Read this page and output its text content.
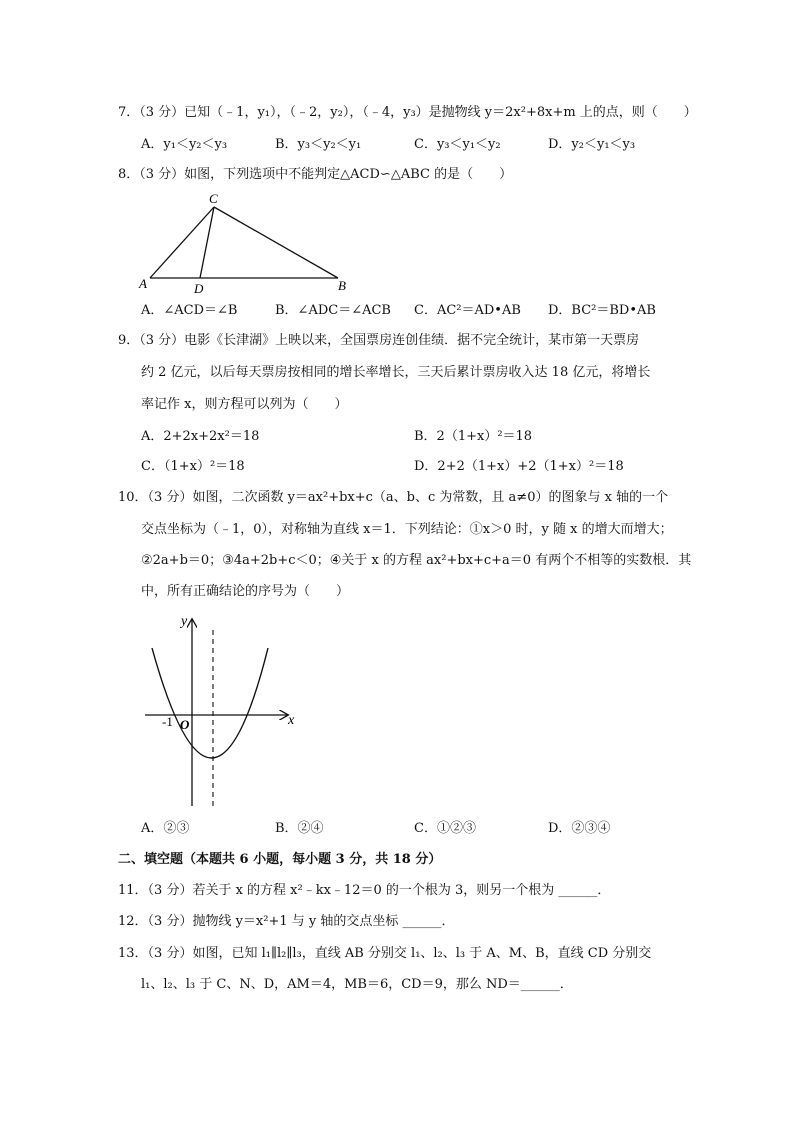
7．（3 分）已知（﹣1，y₁），（﹣2，y₂），（﹣4，y₃）是抛物线 y＝2x²+8x+m 上的点，则（　　）
A．y₁＜y₂＜y₃	B．y₃＜y₂＜y₁	C．y₃＜y₁＜y₂	D．y₂＜y₁＜y₃
8．（3 分）如图，下列选项中不能判定△ACD∽△ABC 的是（　　）
C
A	D	B
A．∠ACD＝∠B	B．∠ADC＝∠ACB C．AC²＝AD•AB D．BC²＝BD•AB
9．（3 分）电影《长津湖》上映以来，全国票房连创佳绩．据不完全统计，某市第一天票房
约 2 亿元，以后每天票房按相同的增长率增长，三天后累计票房收入达 18 亿元，将增长
率记作 x，则方程可以列为（　　）
A．2+2x+2x²＝18	B．2（1+x）²＝18
C．（1+x）²＝18	D．2+2（1+x）+2（1+x）²＝18
10．（3 分）如图，二次函数 y＝ax²+bx+c（a、b、c 为常数，且 a≠0）的图象与 x 轴的一个
交点坐标为（﹣1，0），对称轴为直线 x＝1．下列结论：①x＞0 时，y 随 x 的增大而增大；
②2a+b＝0；③4a+2b+c＜0；④关于 x 的方程 ax²+bx+c+a＝0 有两个不相等的实数根．其
中，所有正确结论的序号为（　　）
y
x
-1 O
A．②③	B．②④	C．①②③	D．②③④
二、填空题（本题共 6 小题，每小题 3 分，共 18 分）
11．（3 分）若关于 x 的方程 x²﹣kx﹣12＝0 的一个根为 3，则另一个根为 ______．
12．（3 分）抛物线 y＝x²+1 与 y 轴的交点坐标 ______．
13．（3 分）如图，已知 l₁∥l₂∥l₃，直线 AB 分别交 l₁、l₂、l₃ 于 A、M、B，直线 CD 分别交
l₁、l₂、l₃ 于 C、N、D，AM＝4，MB＝6，CD＝9，那么 ND＝______．
